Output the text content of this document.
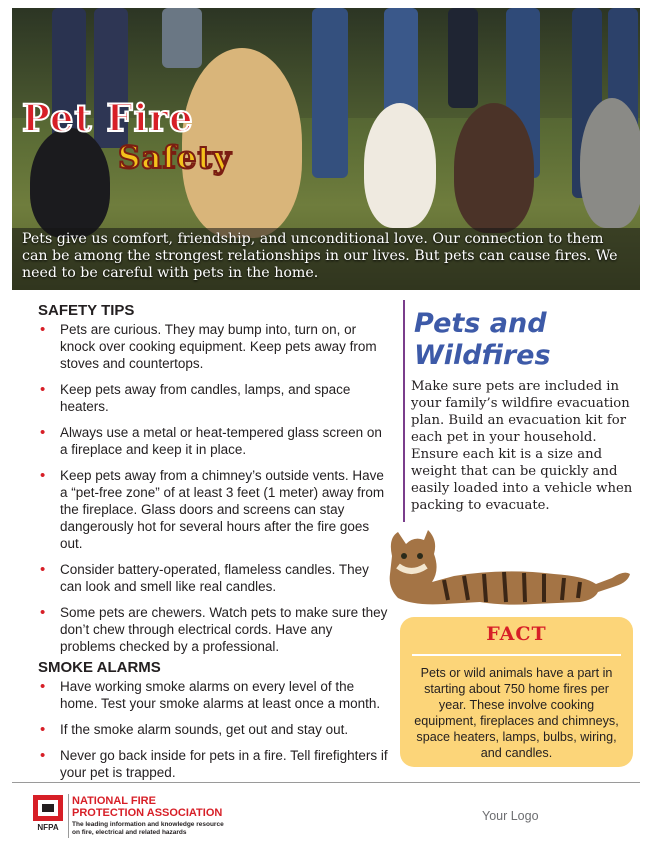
Pet Fire
Safety
Pets give us comfort, friendship, and unconditional love. Our connection to them can be among the strongest relationships in our lives. But pets can cause fires. We need to be careful with pets in the home.
SAFETY TIPS
• Pets are curious. They may bump into, turn on, or knock over cooking equipment. Keep pets away from stoves and countertops.
• Keep pets away from candles, lamps, and space heaters.
• Always use a metal or heat-tempered glass screen on a fireplace and keep it in place.
• Keep pets away from a chimney’s outside vents. Have a “pet-free zone” of at least 3 feet (1 meter) away from the fireplace. Glass doors and screens can stay dangerously hot for several hours after the fire goes out.
• Consider battery-operated, flameless candles. They can look and smell like real candles.
• Some pets are chewers. Watch pets to make sure they don’t chew through electrical cords. Have any problems checked by a professional.
SMOKE ALARMS
• Have working smoke alarms on every level of the home. Test your smoke alarms at least once a month.
• If the smoke alarm sounds, get out and stay out.
• Never go back inside for pets in a fire. Tell firefighters if your pet is trapped.
Pets and
Wildfires
Make sure pets are included in your family’s wildfire evacuation plan. Build an evacuation kit for each pet in your household. Ensure each kit is a size and weight that can be quickly and easily loaded into a vehicle when packing to evacuate.
FACT
Pets or wild animals have a part in starting about 750 home fires per year. These involve cooking equipment, fireplaces and chimneys, space heaters, lamps, bulbs, wiring, and candles.
NFPA
NATIONAL FIRE
PROTECTION ASSOCIATION
The leading information and knowledge resource
on fire, electrical and related hazards
Your Logo
